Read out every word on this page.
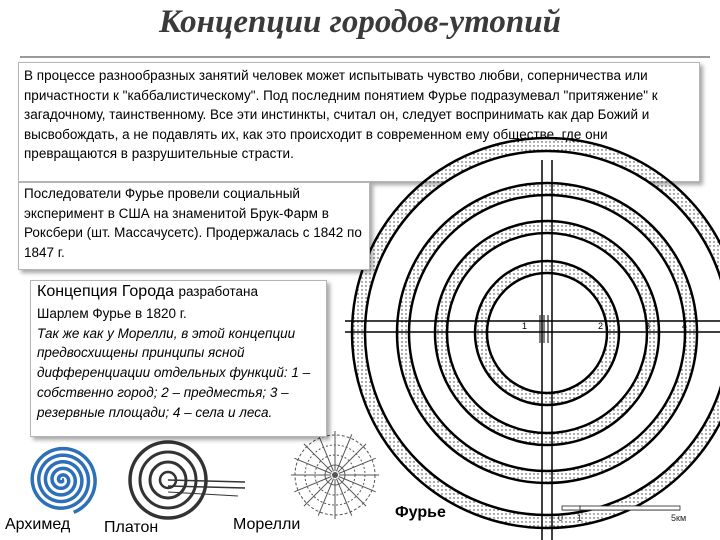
Концепции городов-утопий
В процессе разнообразных занятий человек может испытывать чувство любви, соперничества или причастности к "каббалистическому". Под последним понятием Фурье подразумевал "притяжение" к загадочному, таинственному. Все эти инстинкты, считал он, следует воспринимать как дар Божий и высвобождать, а не подавлять их, как это происходит в современном ему обществе, где они превращаются в разрушительные страсти.
Последователи Фурье провели социальный эксперимент в США на знаменитой Брук-Фарм в Роксбери (шт. Массачусетс). Продержалась с 1842 по 1847 г.
Концепция Города разработана
Шарлем Фурье в 1820 г.
Так же как у Морелли, в этой концепции предвосхищены принципы ясной дифференциации отдельных функций: 1 – собственно город; 2 – предместья; 3 – резервные площади; 4 – села и леса.
1	2	3	4
0 1	5км
Архимед Платон	Морелли
Фурье
